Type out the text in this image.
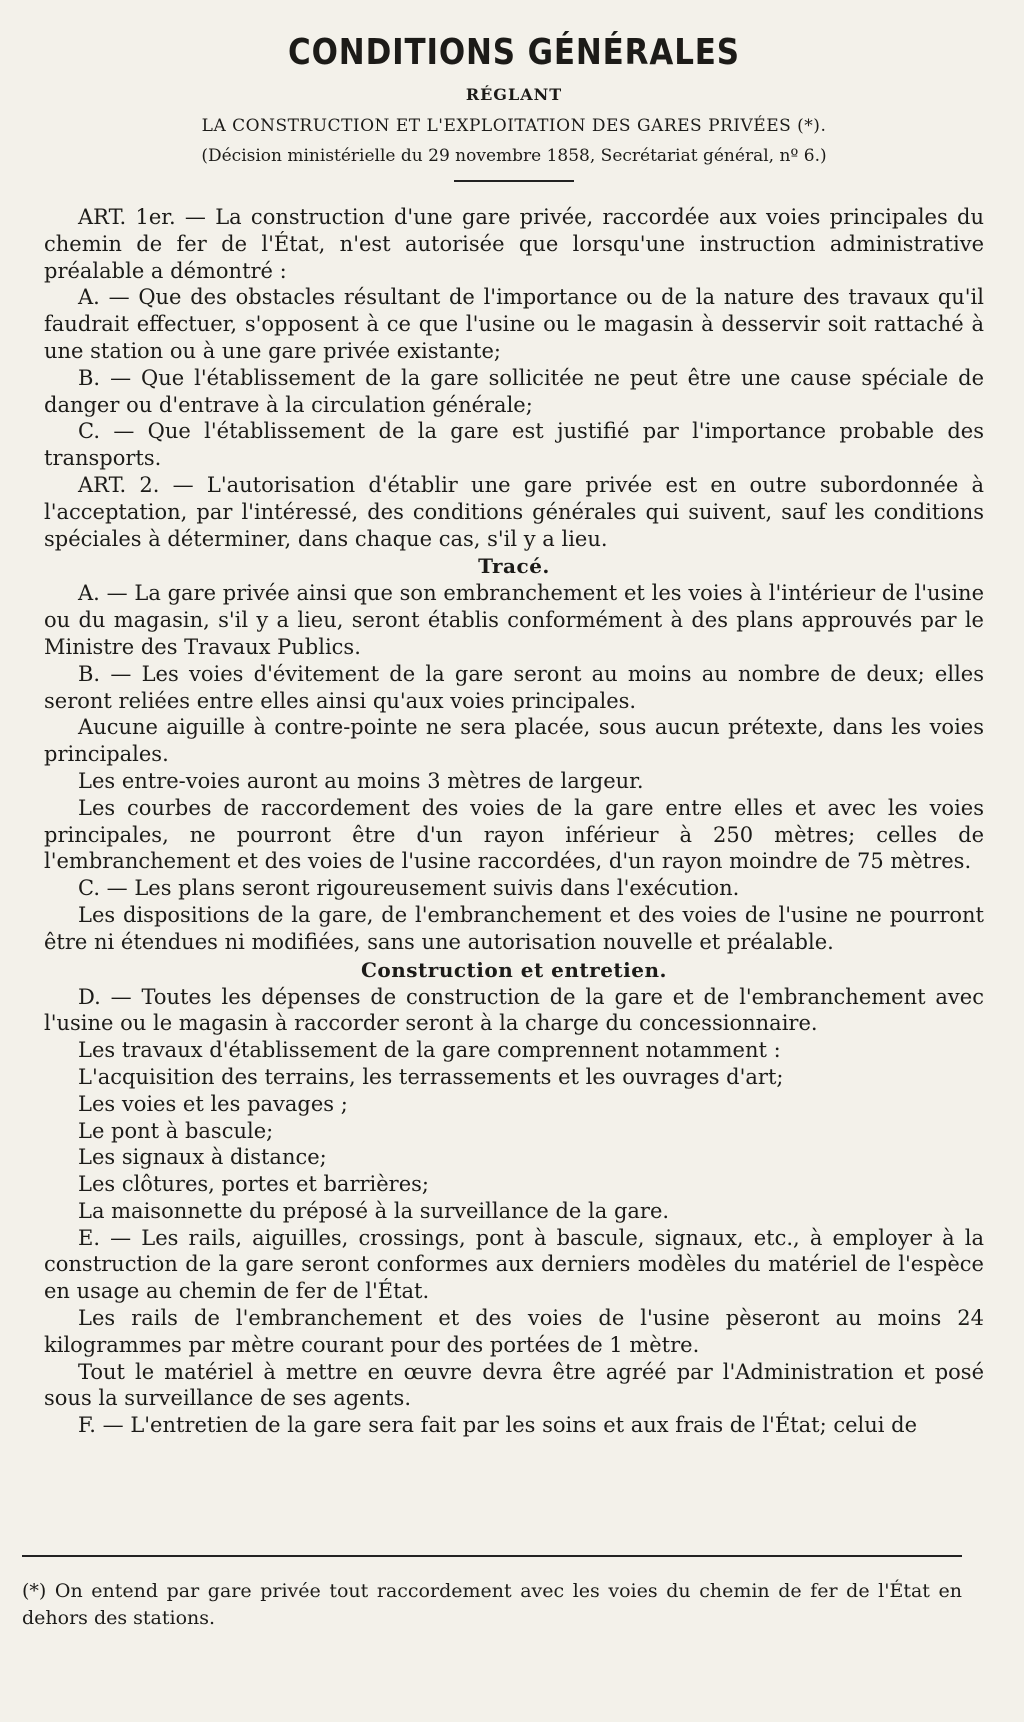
CONDITIONS GÉNÉRALES
RÉGLANT
LA CONSTRUCTION ET L'EXPLOITATION DES GARES PRIVÉES (*).
(Décision ministérielle du 29 novembre 1858, Secrétariat général, nº 6.)

ART. 1er. — La construction d'une gare privée, raccordée aux voies principales du chemin de fer de l'État, n'est autorisée que lorsqu'une instruction administrative préalable a démontré :

A. — Que des obstacles résultant de l'importance ou de la nature des travaux qu'il faudrait effectuer, s'opposent à ce que l'usine ou le magasin à desservir soit rattaché à une station ou à une gare privée existante;

B. — Que l'établissement de la gare sollicitée ne peut être une cause spéciale de danger ou d'entrave à la circulation générale;

C. — Que l'établissement de la gare est justifié par l'importance probable des transports.

ART. 2. — L'autorisation d'établir une gare privée est en outre subordonnée à l'acceptation, par l'intéressé, des conditions générales qui suivent, sauf les conditions spéciales à déterminer, dans chaque cas, s'il y a lieu.

Tracé.

A. — La gare privée ainsi que son embranchement et les voies à l'intérieur de l'usine ou du magasin, s'il y a lieu, seront établis conformément à des plans approuvés par le Ministre des Travaux Publics.

B. — Les voies d'évitement de la gare seront au moins au nombre de deux; elles seront reliées entre elles ainsi qu'aux voies principales.

Aucune aiguille à contre-pointe ne sera placée, sous aucun prétexte, dans les voies principales.

Les entre-voies auront au moins 3 mètres de largeur.

Les courbes de raccordement des voies de la gare entre elles et avec les voies principales, ne pourront être d'un rayon inférieur à 250 mètres; celles de l'embranchement et des voies de l'usine raccordées, d'un rayon moindre de 75 mètres.

C. — Les plans seront rigoureusement suivis dans l'exécution.

Les dispositions de la gare, de l'embranchement et des voies de l'usine ne pourront être ni étendues ni modifiées, sans une autorisation nouvelle et préalable.

Construction et entretien.

D. — Toutes les dépenses de construction de la gare et de l'embranchement avec l'usine ou le magasin à raccorder seront à la charge du concessionnaire.

Les travaux d'établissement de la gare comprennent notamment :

L'acquisition des terrains, les terrassements et les ouvrages d'art;

Les voies et les pavages ;

Le pont à bascule;

Les signaux à distance;

Les clôtures, portes et barrières;

La maisonnette du préposé à la surveillance de la gare.

E. — Les rails, aiguilles, crossings, pont à bascule, signaux, etc., à employer à la construction de la gare seront conformes aux derniers modèles du matériel de l'espèce en usage au chemin de fer de l'État.

Les rails de l'embranchement et des voies de l'usine pèseront au moins 24 kilogrammes par mètre courant pour des portées de 1 mètre.

Tout le matériel à mettre en œuvre devra être agréé par l'Administration et posé sous la surveillance de ses agents.

F. — L'entretien de la gare sera fait par les soins et aux frais de l'État; celui de

(*) On entend par gare privée tout raccordement avec les voies du chemin de fer de l'État en dehors des stations.
